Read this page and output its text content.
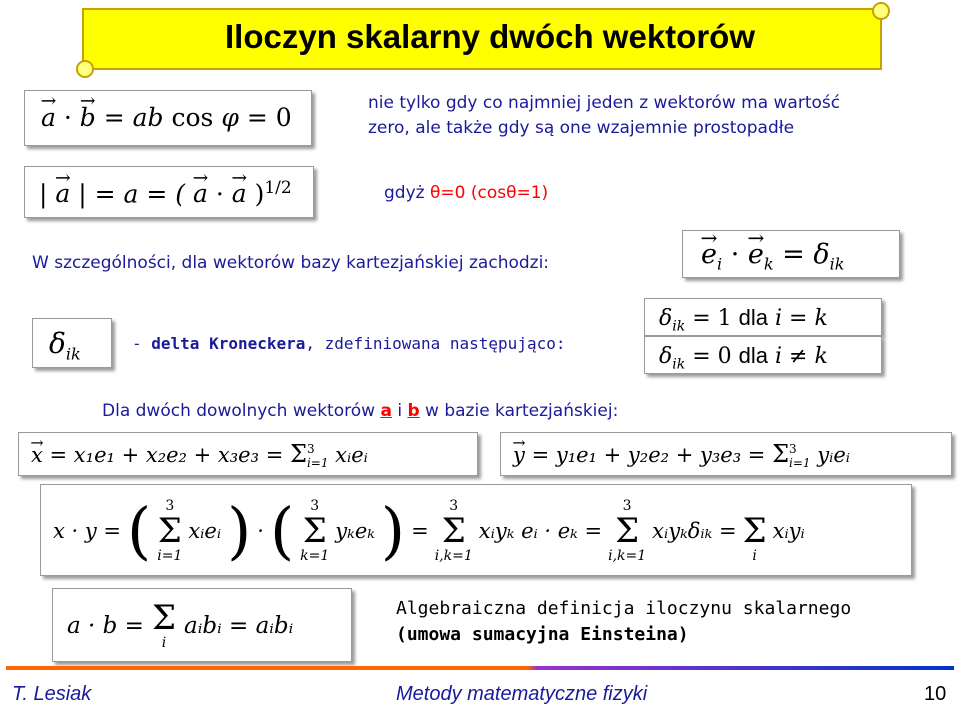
Iloczyn skalarny dwóch wektorów
→ a · → b = ab cos φ = 0	nie tylko gdy co najmniej jeden z wektorów ma wartość
zero, ale także gdy są one wzajemnie prostopadłe
| → a | = a = ( → a · → a )$^{1/2}$	gdyż θ=0 (cosθ=1)
W szczególności, dla wektorów bazy kartezjańskiej zachodzi:	→ $e_i$ · → $e_k = \delta_{ik}$
$\delta_{ik}$
- delta Kroneckera, zdefiniowana następująco:
$\delta_{ik} = 1$ dla i = k
$\delta_{ik} = 0$ dla i ≠ k
Dla dwóch dowolnych wektorów a i b w bazie kartezjańskiej:
→ x = x₁e₁ + x₂e₂ + x₃e₃ = Σ 3
i=1 xᵢeᵢ	→ y = y₁e₁ + y₂e₂ + y₃e₃ = Σ 3
i=1 yᵢeᵢ
x · y = ( 3
Σ
i=1
xᵢeᵢ ) · ( 3
Σ
k=1
yₖeₖ ) =
3
Σ
i,k=1
xᵢyₖ eᵢ · eₖ =
3
Σ
i,k=1
xᵢyₖδᵢₖ = Σ
i
xᵢyᵢ
a · b = Σ
i
aᵢbᵢ = aᵢbᵢ
Algebraiczna definicja iloczynu skalarnego
(umowa sumacyjna Einsteina)
T. Lesiak	Metody matematyczne fizyki	10
